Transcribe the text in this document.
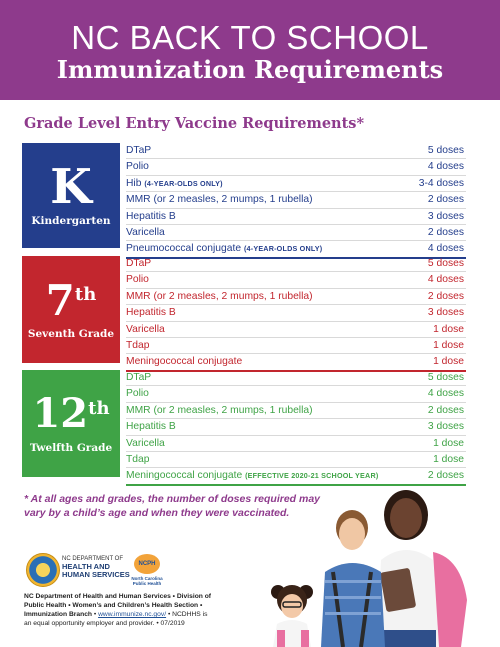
NC BACK TO SCHOOL
Immunization Requirements
Grade Level Entry Vaccine Requirements*
K
Kindergarten
DTaP	5 doses
Polio	4 doses
Hib (4-YEAR-OLDS ONLY)	3-4 doses
MMR (or 2 measles, 2 mumps, 1 rubella)	2 doses
Hepatitis B	3 doses
Varicella	2 doses
Pneumococcal conjugate (4-YEAR-OLDS ONLY)	4 doses
7th
Seventh Grade
DTaP	5 doses
Polio	4 doses
MMR (or 2 measles, 2 mumps, 1 rubella)	2 doses
Hepatitis B	3 doses
Varicella	1 dose
Tdap	1 dose
Meningococcal conjugate	1 dose
12th
Twelfth Grade
DTaP	5 doses
Polio	4 doses
MMR (or 2 measles, 2 mumps, 1 rubella)	2 doses
Hepatitis B	3 doses
Varicella	1 dose
Tdap	1 dose
Meningococcal conjugate (EFFECTIVE 2020-21 SCHOOL YEAR)	2 doses
* At all ages and grades, the number of doses required may vary by a child’s age and when they were vaccinated.
NC DEPARTMENT OF
HEALTH AND
HUMAN SERVICES
NCPH
North Carolina Public Health
NC Department of Health and Human Services • Division of
Public Health • Women’s and Children’s Health Section •
Immunization Branch • www.immunize.nc.gov/ • NCDHHS is
an equal opportunity employer and provider. • 07/2019
